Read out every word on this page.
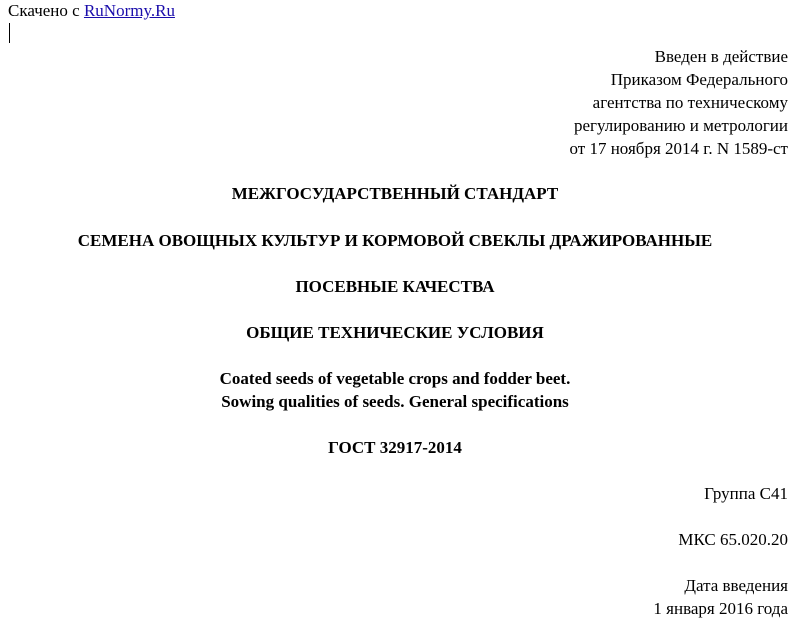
Скачено с RuNormy.Ru
Введен в действие
Приказом Федерального
агентства по техническому
регулированию и метрологии
от 17 ноября 2014 г. N 1589-ст
МЕЖГОСУДАРСТВЕННЫЙ СТАНДАРТ
СЕМЕНА ОВОЩНЫХ КУЛЬТУР И КОРМОВОЙ СВЕКЛЫ ДРАЖИРОВАННЫЕ
ПОСЕВНЫЕ КАЧЕСТВА
ОБЩИЕ ТЕХНИЧЕСКИЕ УСЛОВИЯ
Coated seeds of vegetable crops and fodder beet.
Sowing qualities of seeds. General specifications
ГОСТ 32917-2014
Группа С41
МКС 65.020.20
Дата введения
1 января 2016 года
